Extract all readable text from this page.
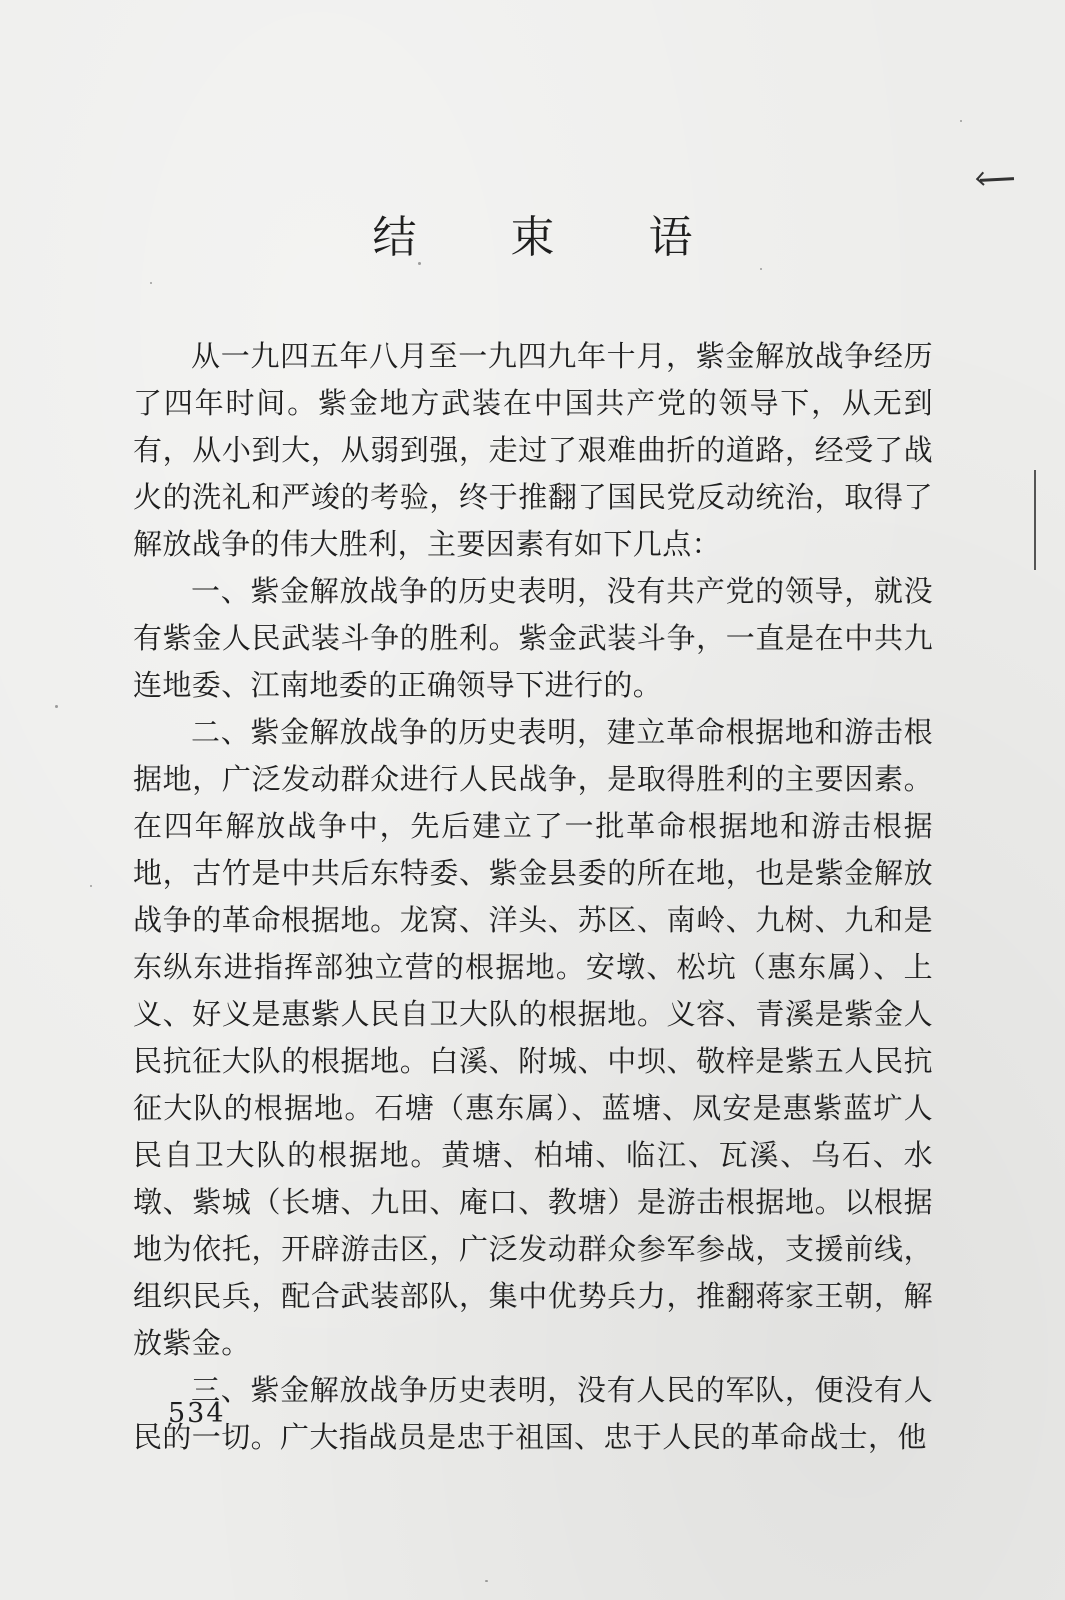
结 束 语

从一九四五年八月至一九四九年十月，紫金解放战争经历了四年时间。紫金地方武装在中国共产党的领导下，从无到有，从小到大，从弱到强，走过了艰难曲折的道路，经受了战火的洗礼和严竣的考验，终于推翻了国民党反动统治，取得了解放战争的伟大胜利，主要因素有如下几点：

一、紫金解放战争的历史表明，没有共产党的领导，就没有紫金人民武装斗争的胜利。紫金武装斗争，一直是在中共九连地委、江南地委的正确领导下进行的。

二、紫金解放战争的历史表明，建立革命根据地和游击根据地，广泛发动群众进行人民战争，是取得胜利的主要因素。在四年解放战争中，先后建立了一批革命根据地和游击根据地，古竹是中共后东特委、紫金县委的所在地，也是紫金解放战争的革命根据地。龙窝、洋头、苏区、南岭、九树、九和是东纵东进指挥部独立营的根据地。安墩、松坑（惠东属）、上义、好义是惠紫人民自卫大队的根据地。义容、青溪是紫金人民抗征大队的根据地。白溪、附城、中坝、敬梓是紫五人民抗征大队的根据地。石塘（惠东属）、蓝塘、凤安是惠紫蓝圹人民自卫大队的根据地。黄塘、柏埔、临江、瓦溪、乌石、水墩、紫城（长塘、九田、庵口、教塘）是游击根据地。以根据地为依托，开辟游击区，广泛发动群众参军参战，支援前线，组织民兵，配合武装部队，集中优势兵力，推翻蒋家王朝，解放紫金。

三、紫金解放战争历史表明，没有人民的军队，便没有人民的一切。广大指战员是忠于祖国、忠于人民的革命战士，他

534
